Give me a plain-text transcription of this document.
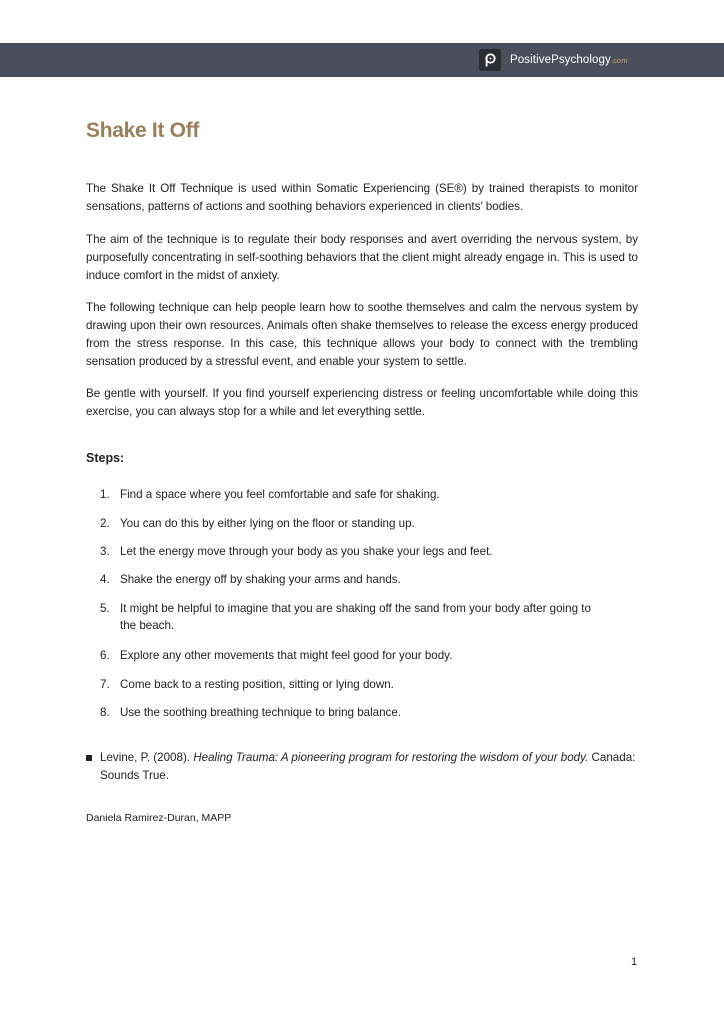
PositivePsychology.com
Shake It Off

The Shake It Off Technique is used within Somatic Experiencing (SE®) by trained therapists to monitor sensations, patterns of actions and soothing behaviors experienced in clients’ bodies.

The aim of the technique is to regulate their body responses and avert overriding the nervous system, by purposefully concentrating in self-soothing behaviors that the client might already engage in. This is used to induce comfort in the midst of anxiety.

The following technique can help people learn how to soothe themselves and calm the nervous system by drawing upon their own resources. Animals often shake themselves to release the excess energy produced from the stress response. In this case, this technique allows your body to connect with the trembling sensation produced by a stressful event, and enable your system to settle.

Be gentle with yourself. If you find yourself experiencing distress or feeling uncomfortable while doing this exercise, you can always stop for a while and let everything settle.

Steps:
1. Find a space where you feel comfortable and safe for shaking.
2. You can do this by either lying on the floor or standing up.
3. Let the energy move through your body as you shake your legs and feet.
4. Shake the energy off by shaking your arms and hands.
5. It might be helpful to imagine that you are shaking off the sand from your body after going to the beach.
6. Explore any other movements that might feel good for your body.
7. Come back to a resting position, sitting or lying down.
8. Use the soothing breathing technique to bring balance.
Levine, P. (2008). Healing Trauma: A pioneering program for restoring the wisdom of your body. Canada: Sounds True.
Daniela Ramirez-Duran, MAPP
1
